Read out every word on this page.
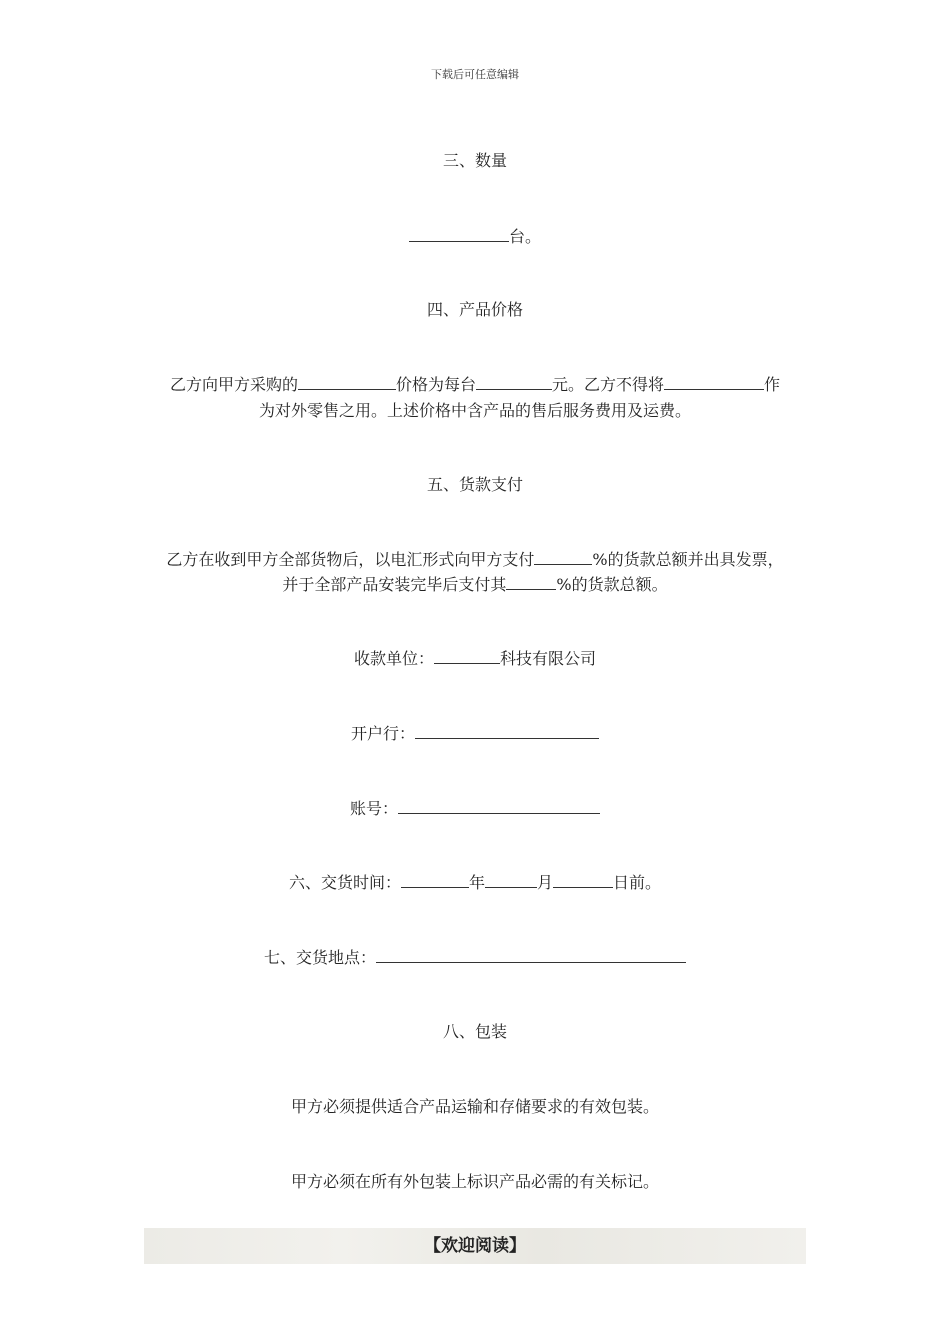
下载后可任意编辑
三、数量
台。
四、产品价格
乙方向甲方采购的	价格为每台	元。乙方不得将	作
为对外零售之用。上述价格中含产品的售后服务费用及运费。
五、货款支付
乙方在收到甲方全部货物后，以电汇形式向甲方支付	%的货款总额并出具发票，
并于全部产品安装完毕后支付其	%的货款总额。
收款单位：	科技有限公司
开户行：
账号：
六、交货时间：	年	月	日前。
七、交货地点：
八、包装
甲方必须提供适合产品运输和存储要求的有效包装。
甲方必须在所有外包装上标识产品必需的有关标记。
【欢迎阅读】
